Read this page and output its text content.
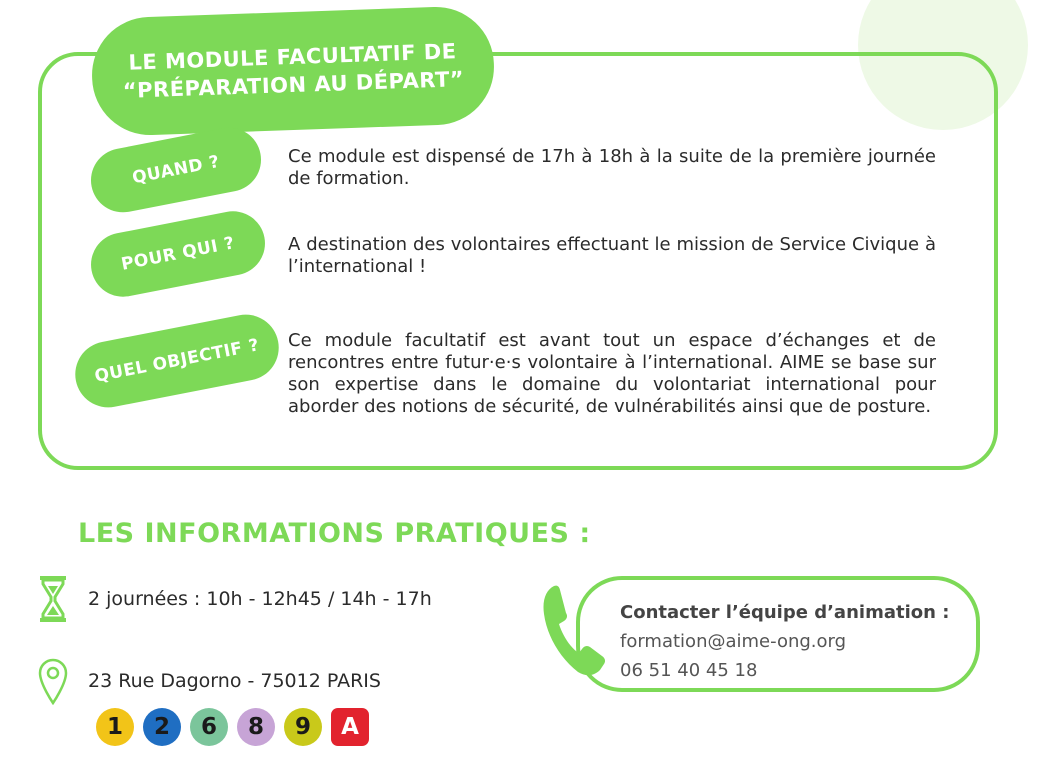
LE MODULE FACULTATIF DE
“PRÉPARATION AU DÉPART”
QUAND ?	Ce module est dispensé de 17h à 18h à la suite de la première journée de formation.
POUR QUI ?	A destination des volontaires effectuant le mission de Service Civique à l’international !
QUEL OBJECTIF ?	Ce module facultatif est avant tout un espace d’échanges et de rencontres entre futur·e·s volontaire à l’international. AIME se base sur son expertise dans le domaine du volontariat international pour aborder des notions de sécurité, de vulnérabilités ainsi que de posture.
LES INFORMATIONS PRATIQUES :
2 journées : 10h - 12h45 / 14h - 17h
23 Rue Dagorno - 75012 PARIS
1	2	6	8	9	A
Contacter l’équipe d’animation :
formation@aime-ong.org
06 51 40 45 18
